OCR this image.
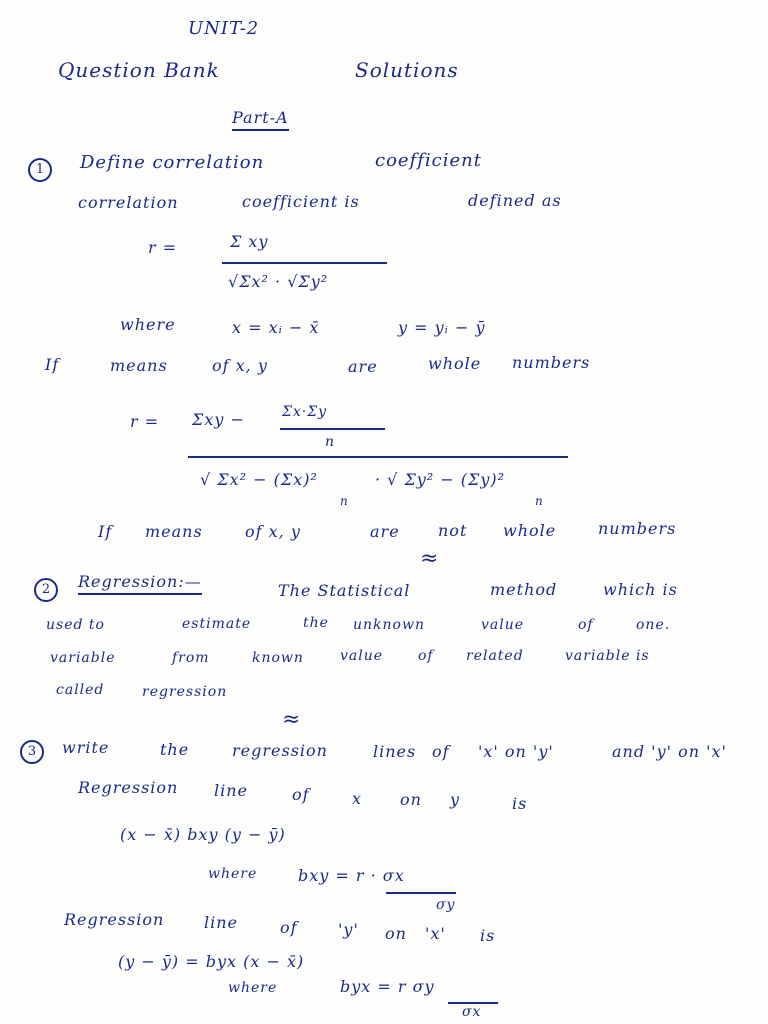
UNIT-2
Question Bank	Solutions
Part-A
1	Define correlation	coefficient
correlation	coefficient is	defined as
r =	Σ xy
√Σx² · √Σy²
where	x = xᵢ − x̄	y = yᵢ − ȳ
If	means	of x, y	are	whole numbers
r = Σxy −	Σx·Σy
n
√ Σx² − (Σx)²
n
· √ Σy² − (Σy)²
n
If means	of x, y	are not whole	numbers
≈
2	Regression:—	The Statistical	method	which is
used to	estimate	the unknown	value	of	one.
variable	from	known	value of related	variable is
called	regression
≈
3	write	the	regression	lines of 'x' on 'y'	and 'y' on 'x'
Regression line	of	x on y	is
(x − x̄) bxy (y − ȳ)
where	bxy = r · σx
σy
Regression line	of	'y' on 'x' is
(y − ȳ) = byx (x − x̄)
where	byx = r σy
σx
